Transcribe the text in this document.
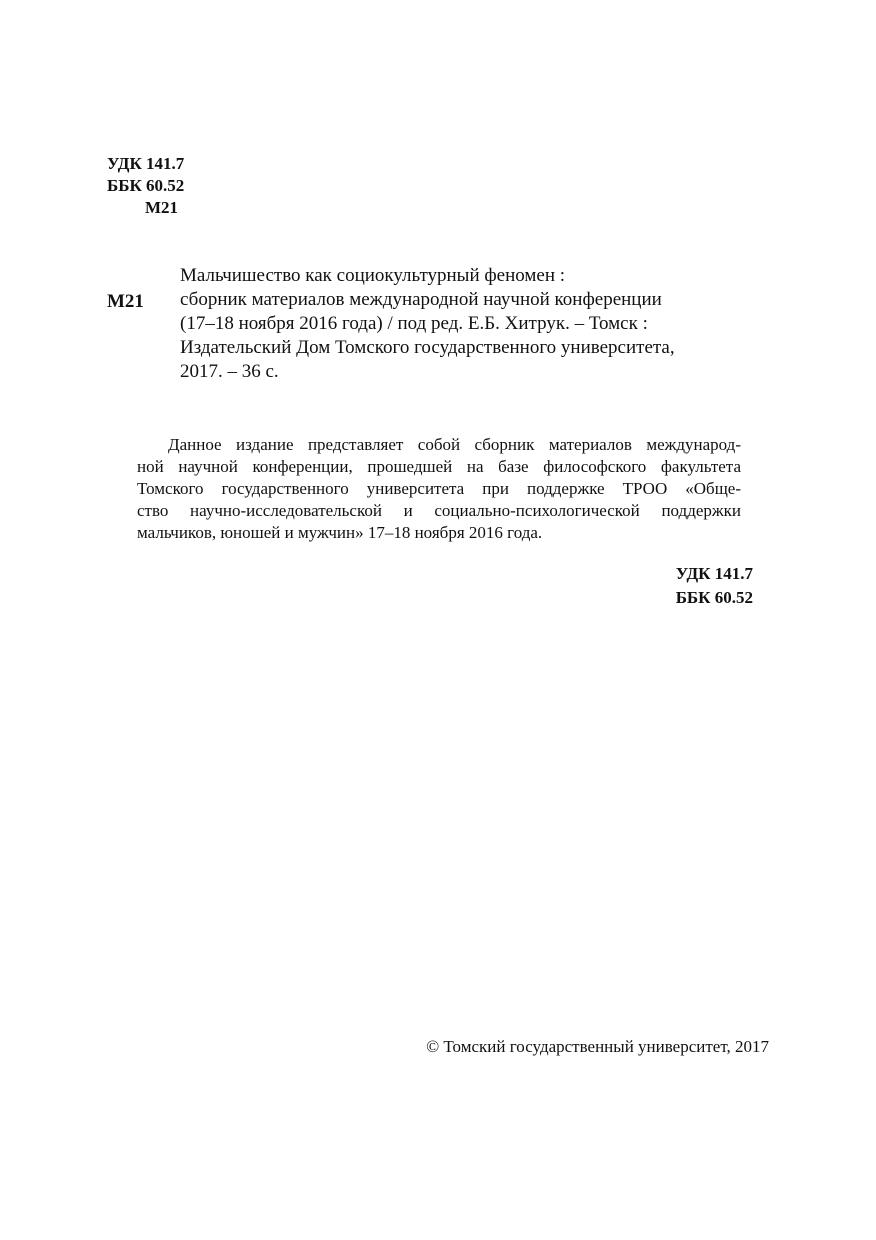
УДК 141.7
ББК 60.52
М21
М21
Мальчишество как социокультурный феномен :
сборник материалов международной научной конференции
(17–18 ноября 2016 года) / под ред. Е.Б. Хитрук. – Томск :
Издательский Дом Томского государственного университета,
2017. – 36 с.
Данное издание представляет собой сборник материалов международ-
ной научной конференции, прошедшей на базе философского факультета
Томского государственного университета при поддержке ТРОО «Обще-
ство научно-исследовательской и социально-психологической поддержки
мальчиков, юношей и мужчин» 17–18 ноября 2016 года.
УДК 141.7
ББК 60.52
© Томский государственный университет, 2017
